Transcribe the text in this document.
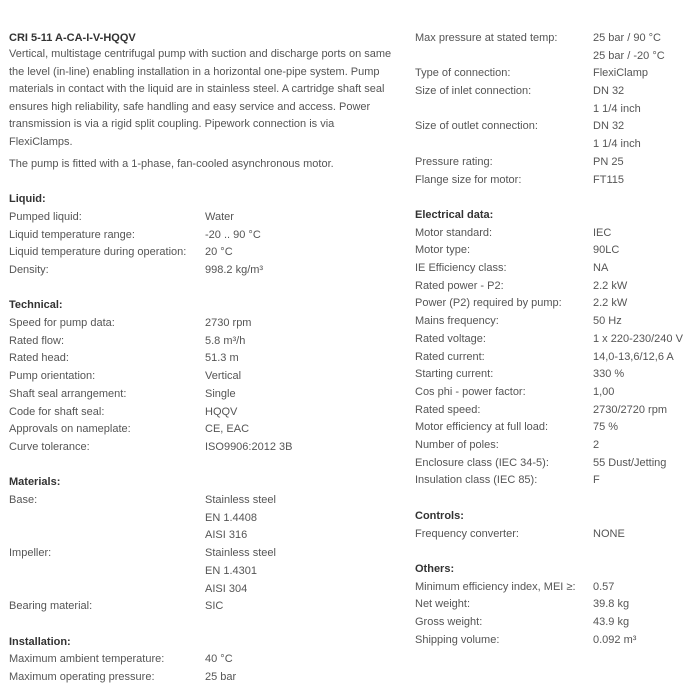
CRI 5-11 A-CA-I-V-HQQV
Vertical, multistage centrifugal pump with suction and discharge ports on same the level (in-line) enabling installation in a horizontal one-pipe system. Pump materials in contact with the liquid are in stainless steel. A cartridge shaft seal ensures high reliability, safe handling and easy service and access. Power transmission is via a rigid split coupling. Pipework connection is via FlexiClamps.
The pump is fitted with a 1-phase, fan-cooled asynchronous motor.
Liquid:
Pumped liquid:	Water
Liquid temperature range:	-20 .. 90 °C
Liquid temperature during operation:	20 °C
Density:	998.2 kg/m³
Technical:
Speed for pump data:	2730 rpm
Rated flow:	5.8 m³/h
Rated head:	51.3 m
Pump orientation:	Vertical
Shaft seal arrangement:	Single
Code for shaft seal:	HQQV
Approvals on nameplate:	CE, EAC
Curve tolerance:	ISO9906:2012 3B
Materials:
Base:	Stainless steel
EN 1.4408
AISI 316
Impeller:	Stainless steel
EN 1.4301
AISI 304
Bearing material:	SIC
Installation:
Maximum ambient temperature:	40 °C
Maximum operating pressure:	25 bar
Max pressure at stated temp:	25 bar / 90 °C
25 bar / -20 °C
Type of connection:	FlexiClamp
Size of inlet connection:	DN 32
1 1/4 inch
Size of outlet connection:	DN 32
1 1/4 inch
Pressure rating:	PN 25
Flange size for motor:	FT115
Electrical data:
Motor standard:	IEC
Motor type:	90LC
IE Efficiency class:	NA
Rated power - P2:	2.2 kW
Power (P2) required by pump:	2.2 kW
Mains frequency:	50 Hz
Rated voltage:	1 x 220-230/240 V
Rated current:	14,0-13,6/12,6 A
Starting current:	330 %
Cos phi - power factor:	1,00
Rated speed:	2730/2720 rpm
Motor efficiency at full load:	75 %
Number of poles:	2
Enclosure class (IEC 34-5):	55 Dust/Jetting
Insulation class (IEC 85):	F
Controls:
Frequency converter:	NONE
Others:
Minimum efficiency index, MEI ≥:	0.57
Net weight:	39.8 kg
Gross weight:	43.9 kg
Shipping volume:	0.092 m³
